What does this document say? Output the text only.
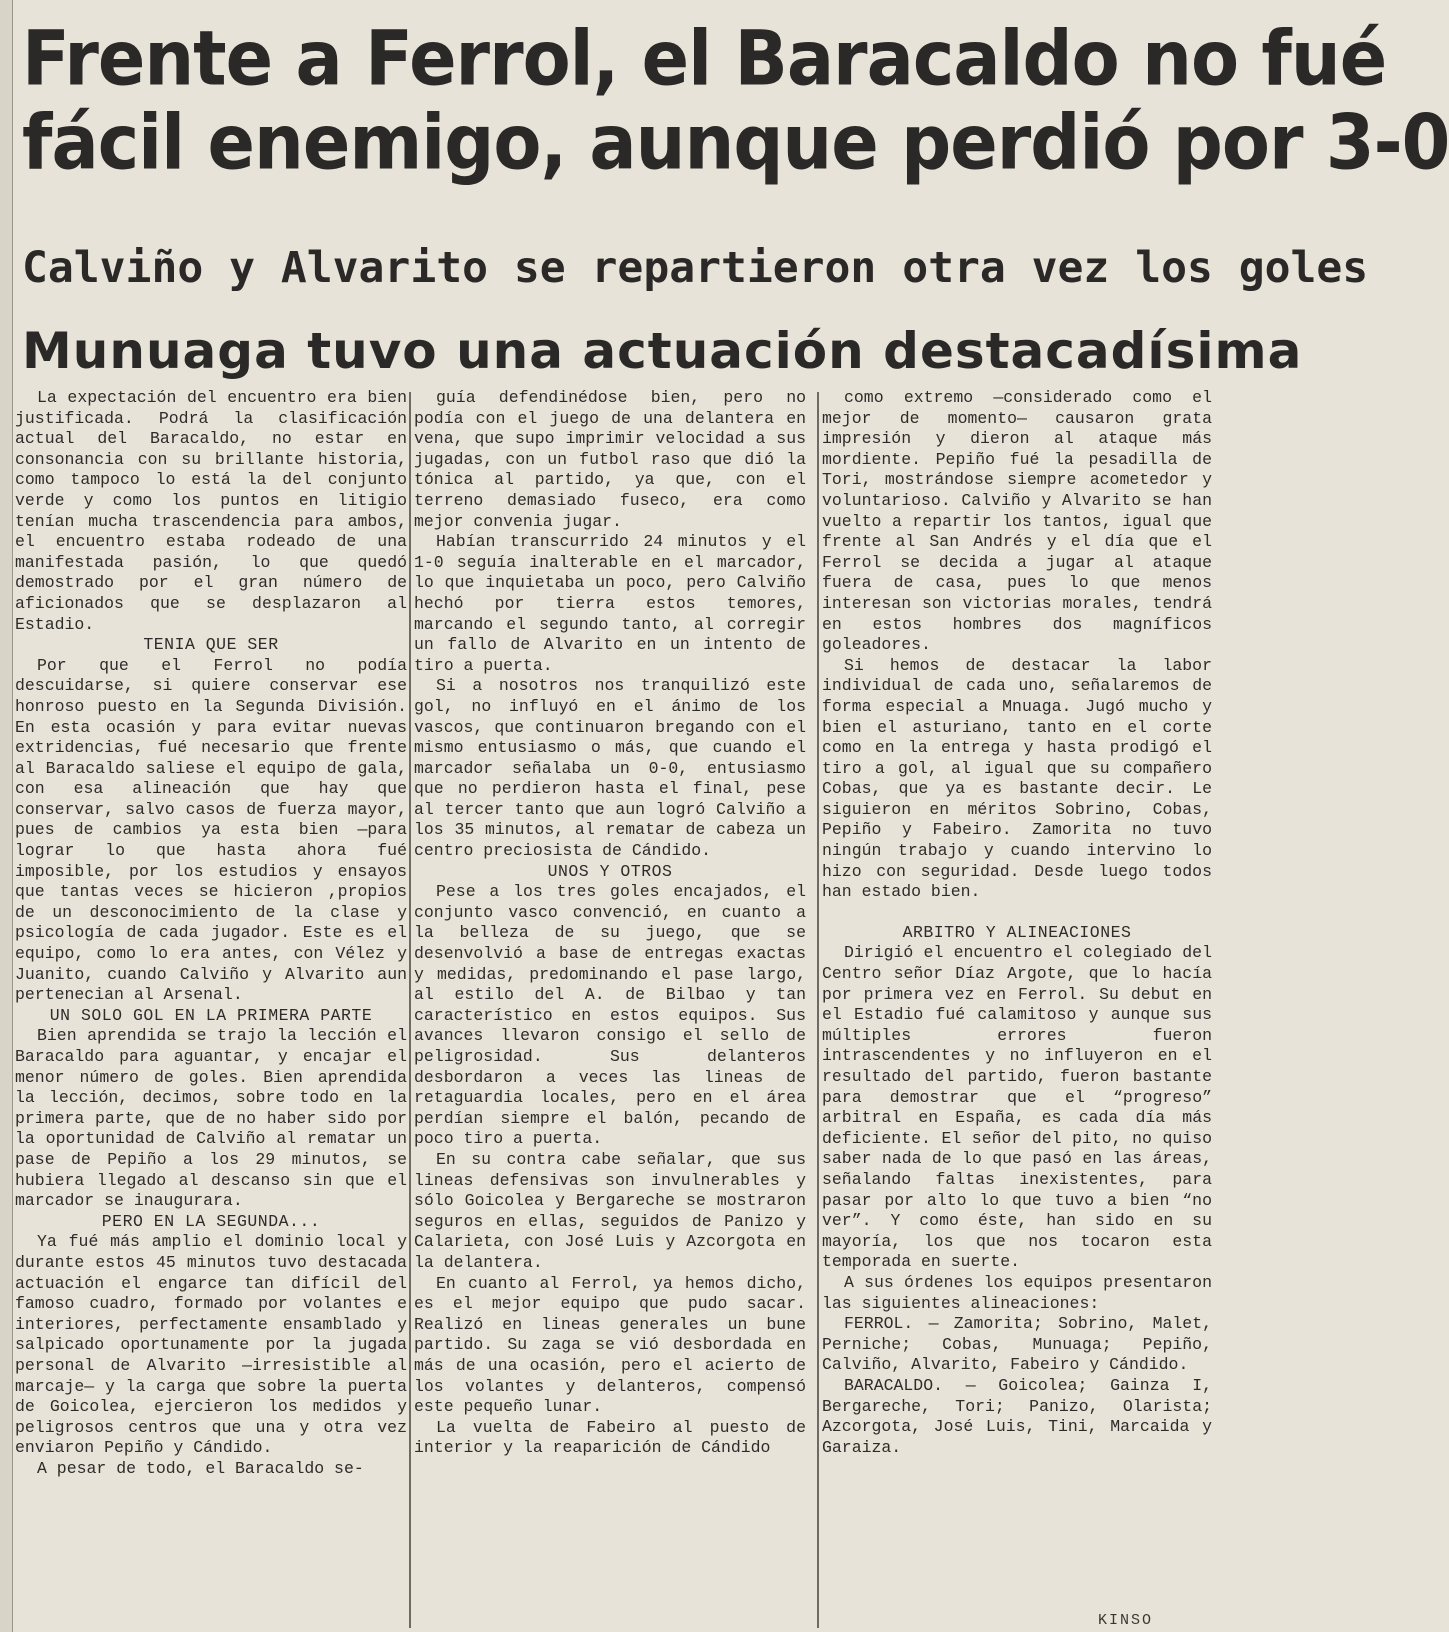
Frente a Ferrol, el Baracaldo no fué
fácil enemigo, aunque perdió por 3-0
Calviño y Alvarito se repartieron otra vez los goles
Munuaga tuvo una actuación destacadísima

La expectación del encuentro era bien justificada. Podrá la clasificación actual del Baracaldo, no estar en consonancia con su brillante historia, como tampoco lo está la del conjunto verde y como los puntos en litigio tenían mucha trascendencia para ambos, el encuentro estaba rodeado de una manifestada pasión, lo que quedó demostrado por el gran número de aficionados que se desplazaron al Estadio.

TENIA QUE SER

Por que el Ferrol no podía descuidarse, si quiere conservar ese honroso puesto en la Segunda División. En esta ocasión y para evitar nuevas extridencias, fué necesario que frente al Baracaldo saliese el equipo de gala, con esa alineación que hay que conservar, salvo casos de fuerza mayor, pues de cambios ya esta bien —para lograr lo que hasta ahora fué imposible, por los estudios y ensayos que tantas veces se hicieron ,propios de un desconocimiento de la clase y psicología de cada jugador. Este es el equipo, como lo era antes, con Vélez y Juanito, cuando Calviño y Alvarito aun pertenecian al Arsenal.

UN SOLO GOL EN LA PRIMERA PARTE

Bien aprendida se trajo la lección el Baracaldo para aguantar, y encajar el menor número de goles. Bien aprendida la lección, decimos, sobre todo en la primera parte, que de no haber sido por la oportunidad de Calviño al rematar un pase de Pepiño a los 29 minutos, se hubiera llegado al descanso sin que el marcador se inaugurara.

PERO EN LA SEGUNDA...

Ya fué más amplio el dominio local y durante estos 45 minutos tuvo destacada actuación el engarce tan difícil del famoso cuadro, formado por volantes e interiores, perfectamente ensamblado y salpicado oportunamente por la jugada personal de Alvarito —irresistible al marcaje— y la carga que sobre la puerta de Goicolea, ejercieron los medidos y peligrosos centros que una y otra vez enviaron Pepiño y Cándido.

A pesar de todo, el Baracaldo se-

guía defendinédose bien, pero no podía con el juego de una delantera en vena, que supo imprimir velocidad a sus jugadas, con un futbol raso que dió la tónica al partido, ya que, con el terreno demasiado fuseco, era como mejor convenia jugar.

Habían transcurrido 24 minutos y el 1-0 seguía inalterable en el marcador, lo que inquietaba un poco, pero Calviño hechó por tierra estos temores, marcando el segundo tanto, al corregir un fallo de Alvarito en un intento de tiro a puerta.

Si a nosotros nos tranquilizó este gol, no influyó en el ánimo de los vascos, que continuaron bregando con el mismo entusiasmo o más, que cuando el marcador señalaba un 0-0, entusiasmo que no perdieron hasta el final, pese al tercer tanto que aun logró Calviño a los 35 minutos, al rematar de cabeza un centro preciosista de Cándido.

UNOS Y OTROS

Pese a los tres goles encajados, el conjunto vasco convenció, en cuanto a la belleza de su juego, que se desenvolvió a base de entregas exactas y medidas, predominando el pase largo, al estilo del A. de Bilbao y tan característico en estos equipos. Sus avances llevaron consigo el sello de peligrosidad. Sus delanteros desbordaron a veces las lineas de retaguardia locales, pero en el área perdían siempre el balón, pecando de poco tiro a puerta.

En su contra cabe señalar, que sus lineas defensivas son invulnerables y sólo Goicolea y Bergareche se mostraron seguros en ellas, seguidos de Panizo y Calarieta, con José Luis y Azcorgota en la delantera.

En cuanto al Ferrol, ya hemos dicho, es el mejor equipo que pudo sacar. Realizó en lineas generales un bune partido. Su zaga se vió desbordada en más de una ocasión, pero el acierto de los volantes y delanteros, compensó este pequeño lunar.

La vuelta de Fabeiro al puesto de interior y la reaparición de Cándido

como extremo —considerado como el mejor de momento— causaron grata impresión y dieron al ataque más mordiente. Pepiño fué la pesadilla de Tori, mostrándose siempre acometedor y voluntarioso. Calviño y Alvarito se han vuelto a repartir los tantos, igual que frente al San Andrés y el día que el Ferrol se decida a jugar al ataque fuera de casa, pues lo que menos interesan son victorias morales, tendrá en estos hombres dos magníficos goleadores.

Si hemos de destacar la labor individual de cada uno, señalaremos de forma especial a Mnuaga. Jugó mucho y bien el asturiano, tanto en el corte como en la entrega y hasta prodigó el tiro a gol, al igual que su compañero Cobas, que ya es bastante decir. Le siguieron en méritos Sobrino, Cobas, Pepiño y Fabeiro. Zamorita no tuvo ningún trabajo y cuando intervino lo hizo con seguridad. Desde luego todos han estado bien.

ARBITRO Y ALINEACIONES

Dirigió el encuentro el colegiado del Centro señor Díaz Argote, que lo hacía por primera vez en Ferrol. Su debut en el Estadio fué calamitoso y aunque sus múltiples errores fueron intrascendentes y no influyeron en el resultado del partido, fueron bastante para demostrar que el “progreso” arbitral en España, es cada día más deficiente. El señor del pito, no quiso saber nada de lo que pasó en las áreas, señalando faltas inexistentes, para pasar por alto lo que tuvo a bien “no ver”. Y como éste, han sido en su mayoría, los que nos tocaron esta temporada en suerte.

A sus órdenes los equipos presentaron las siguientes alineaciones:

FERROL. — Zamorita; Sobrino, Malet, Perniche; Cobas, Munuaga; Pepiño, Calviño, Alvarito, Fabeiro y Cándido.

BARACALDO. — Goicolea; Gainza I, Bergareche, Tori; Panizo, Olarista; Azcorgota, José Luis, Tini, Marcaida y Garaiza.

KINSO
